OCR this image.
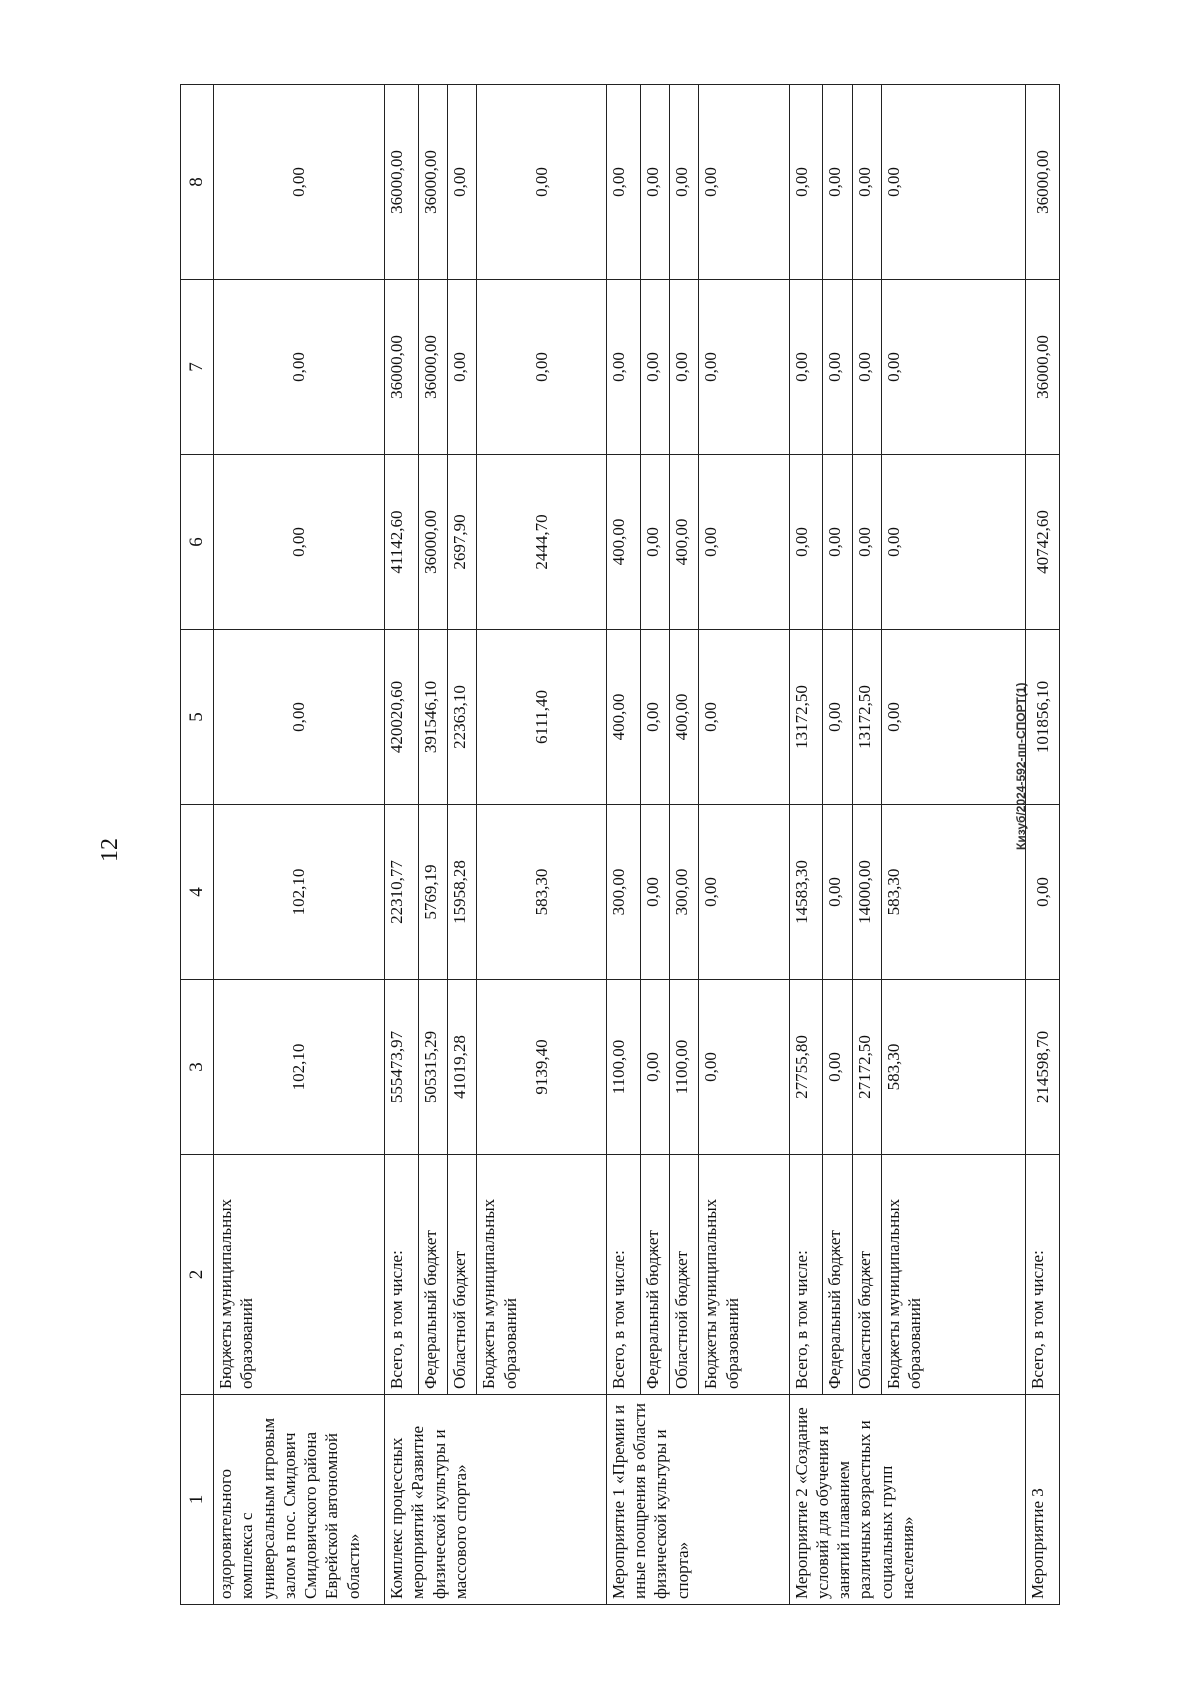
12	Кизуб/2024-592-пп-СПОРТ(1)
1	2	3	4	5	6	7	8
оздоровительного комплекса с универсальным игровым залом в пос. Смидович Смидовичского района Еврейской автономной области»	Бюджеты муниципальных образований	102,10	102,10	0,00	0,00	0,00	0,00
Комплекс процессных мероприятий «Развитие физической культуры и массового спорта»	Всего, в том числе:	555473,97	22310,77	420020,60	41142,60	36000,00	36000,00
	Федеральный бюджет	505315,29	5769,19	391546,10	36000,00	36000,00	36000,00
	Областной бюджет	41019,28	15958,28	22363,10	2697,90	0,00	0,00
	Бюджеты муниципальных образований	9139,40	583,30	6111,40	2444,70	0,00	0,00
Мероприятие 1 «Премии и иные поощрения в области физической культуры и спорта»	Всего, в том числе:	1100,00	300,00	400,00	400,00	0,00	0,00
	Федеральный бюджет	0,00	0,00	0,00	0,00	0,00	0,00
	Областной бюджет	1100,00	300,00	400,00	400,00	0,00	0,00
	Бюджеты муниципальных образований	0,00	0,00	0,00	0,00	0,00	0,00
Мероприятие 2 «Создание условий для обучения и занятий плаванием различных возрастных и социальных групп населения»	Всего, в том числе:	27755,80	14583,30	13172,50	0,00	0,00	0,00
	Федеральный бюджет	0,00	0,00	0,00	0,00	0,00	0,00
	Областной бюджет	27172,50	14000,00	13172,50	0,00	0,00	0,00
	Бюджеты муниципальных образований	583,30	583,30	0,00	0,00	0,00	0,00
Мероприятие 3	Всего, в том числе:	214598,70	0,00	101856,10	40742,60	36000,00	36000,00
